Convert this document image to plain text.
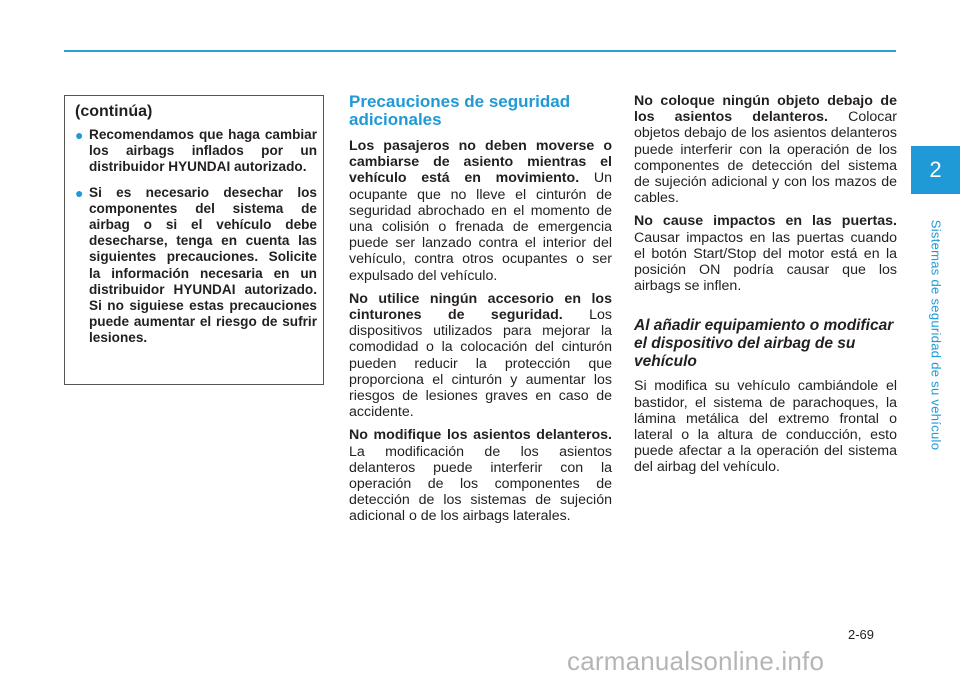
2
Sistemas de seguridad de su vehículo
(continúa)
● Recomendamos que haga cambiar los airbags inflados por un distribuidor HYUNDAI autorizado.
● Si es necesario desechar los componentes del sistema de airbag o si el vehículo debe desecharse, tenga en cuenta las siguientes precauciones. Solicite la información necesaria en un distribuidor HYUNDAI autorizado. Si no siguiese estas precauciones puede aumentar el riesgo de sufrir lesiones.
Precauciones de seguridad adicionales

Los pasajeros no deben moverse o cambiarse de asiento mientras el vehículo está en movimiento. Un ocupante que no lleve el cinturón de seguridad abrochado en el momento de una colisión o frenada de emergencia puede ser lanzado contra el interior del vehículo, contra otros ocupantes o ser expulsado del vehículo.

No utilice ningún accesorio en los cinturones de seguridad. Los dispositivos utilizados para mejorar la comodidad o la colocación del cinturón pueden reducir la protección que proporciona el cinturón y aumentar los riesgos de lesiones graves en caso de accidente.

No modifique los asientos delanteros. La modificación de los asientos delanteros puede interferir con la operación de los componentes de detección de los sistemas de sujeción adicional o de los airbags laterales.

No coloque ningún objeto debajo de los asientos delanteros. Colocar objetos debajo de los asientos delanteros puede interferir con la operación de los componentes de detección del sistema de sujeción adicional y con los mazos de cables.

No cause impactos en las puertas. Causar impactos en las puertas cuando el botón Start/Stop del motor está en la posición ON podría causar que los airbags se inflen.

Al añadir equipamiento o modificar el dispositivo del airbag de su vehículo

Si modifica su vehículo cambiándole el bastidor, el sistema de parachoques, la lámina metálica del extremo frontal o lateral o la altura de conducción, esto puede afectar a la operación del sistema del airbag del vehículo.

2-69
carmanualsonline.info
